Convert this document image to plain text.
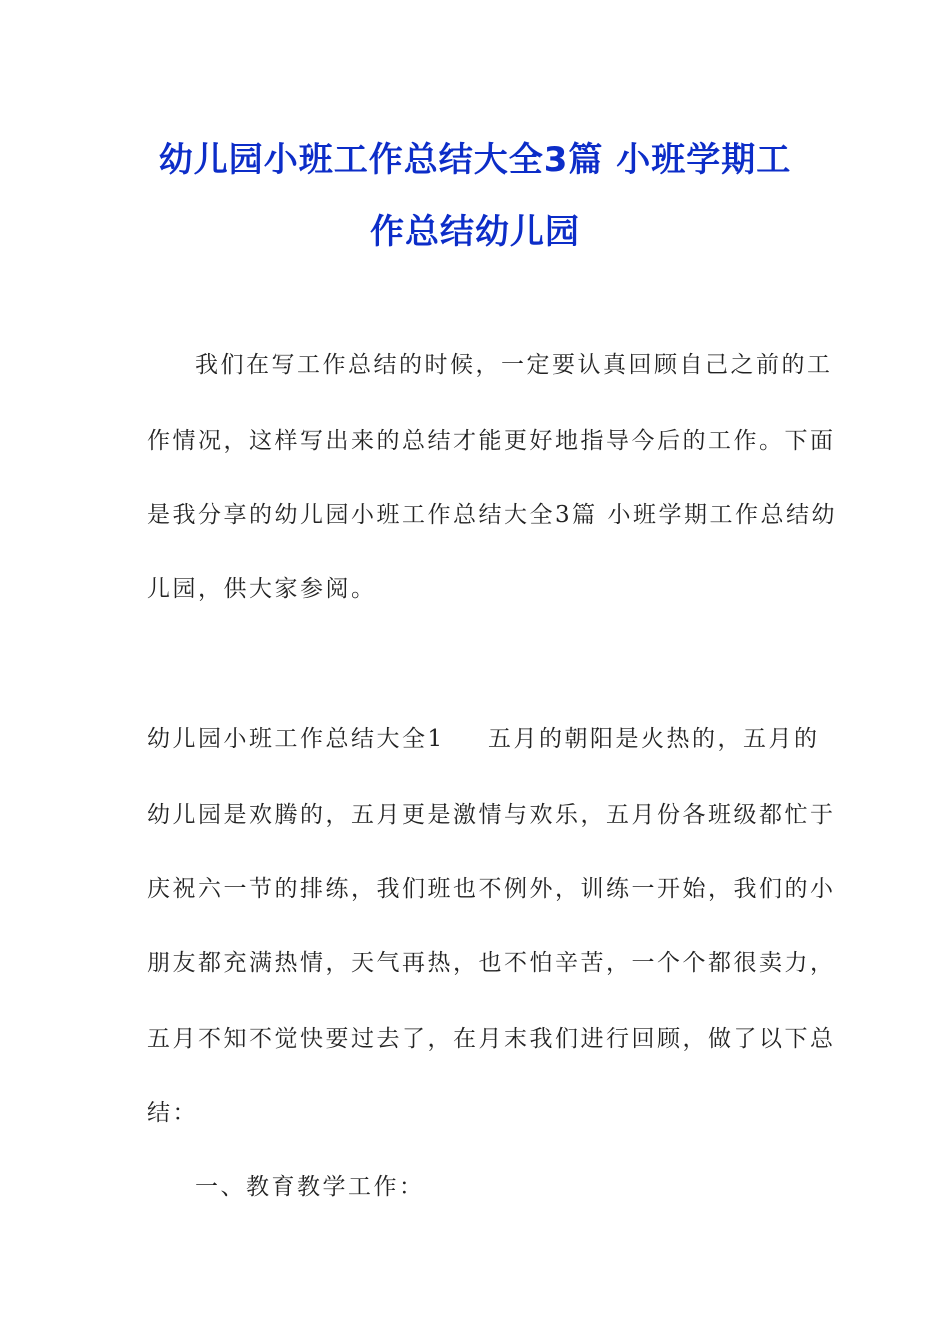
幼儿园小班工作总结大全3篇 小班学期工
作总结幼儿园
我们在写工作总结的时候，一定要认真回顾自己之前的工
作情况，这样写出来的总结才能更好地指导今后的工作。下面
是我分享的幼儿园小班工作总结大全3篇 小班学期工作总结幼
儿园，供大家参阅。
幼儿园小班工作总结大全1 五月的朝阳是火热的，五月的
幼儿园是欢腾的，五月更是激情与欢乐，五月份各班级都忙于
庆祝六一节的排练，我们班也不例外，训练一开始，我们的小
朋友都充满热情，天气再热，也不怕辛苦，一个个都很卖力，
五月不知不觉快要过去了，在月末我们进行回顾，做了以下总
结：
一、教育教学工作：
